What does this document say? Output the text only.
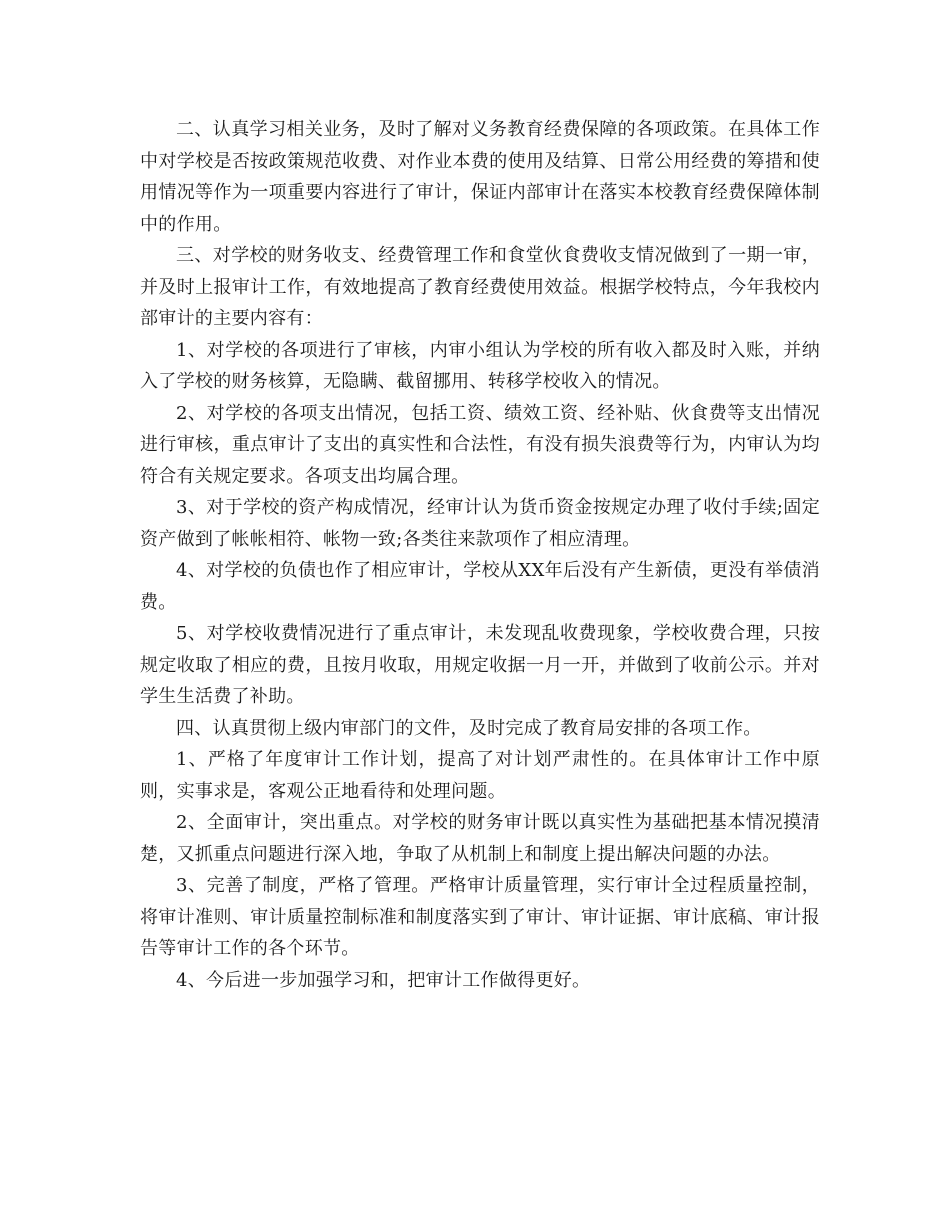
二、认真学习相关业务，及时了解对义务教育经费保障的各项政策。在具体工作中对学校是否按政策规范收费、对作业本费的使用及结算、日常公用经费的筹措和使用情况等作为一项重要内容进行了审计，保证内部审计在落实本校教育经费保障体制中的作用。

三、对学校的财务收支、经费管理工作和食堂伙食费收支情况做到了一期一审，并及时上报审计工作，有效地提高了教育经费使用效益。根据学校特点，今年我校内部审计的主要内容有：

1、对学校的各项进行了审核，内审小组认为学校的所有收入都及时入账，并纳入了学校的财务核算，无隐瞒、截留挪用、转移学校收入的情况。

2、对学校的各项支出情况，包括工资、绩效工资、经补贴、伙食费等支出情况进行审核，重点审计了支出的真实性和合法性，有没有损失浪费等行为，内审认为均符合有关规定要求。各项支出均属合理。

3、对于学校的资产构成情况，经审计认为货币资金按规定办理了收付手续;固定资产做到了帐帐相符、帐物一致;各类往来款项作了相应清理。

4、对学校的负债也作了相应审计，学校从XX年后没有产生新债，更没有举债消费。

5、对学校收费情况进行了重点审计，未发现乱收费现象，学校收费合理，只按规定收取了相应的费，且按月收取，用规定收据一月一开，并做到了收前公示。并对学生生活费了补助。

四、认真贯彻上级内审部门的文件，及时完成了教育局安排的各项工作。

1、严格了年度审计工作计划，提高了对计划严肃性的。在具体审计工作中原则，实事求是，客观公正地看待和处理问题。

2、全面审计，突出重点。对学校的财务审计既以真实性为基础把基本情况摸清楚，又抓重点问题进行深入地，争取了从机制上和制度上提出解决问题的办法。

3、完善了制度，严格了管理。严格审计质量管理，实行审计全过程质量控制，将审计准则、审计质量控制标准和制度落实到了审计、审计证据、审计底稿、审计报告等审计工作的各个环节。

4、今后进一步加强学习和，把审计工作做得更好。
